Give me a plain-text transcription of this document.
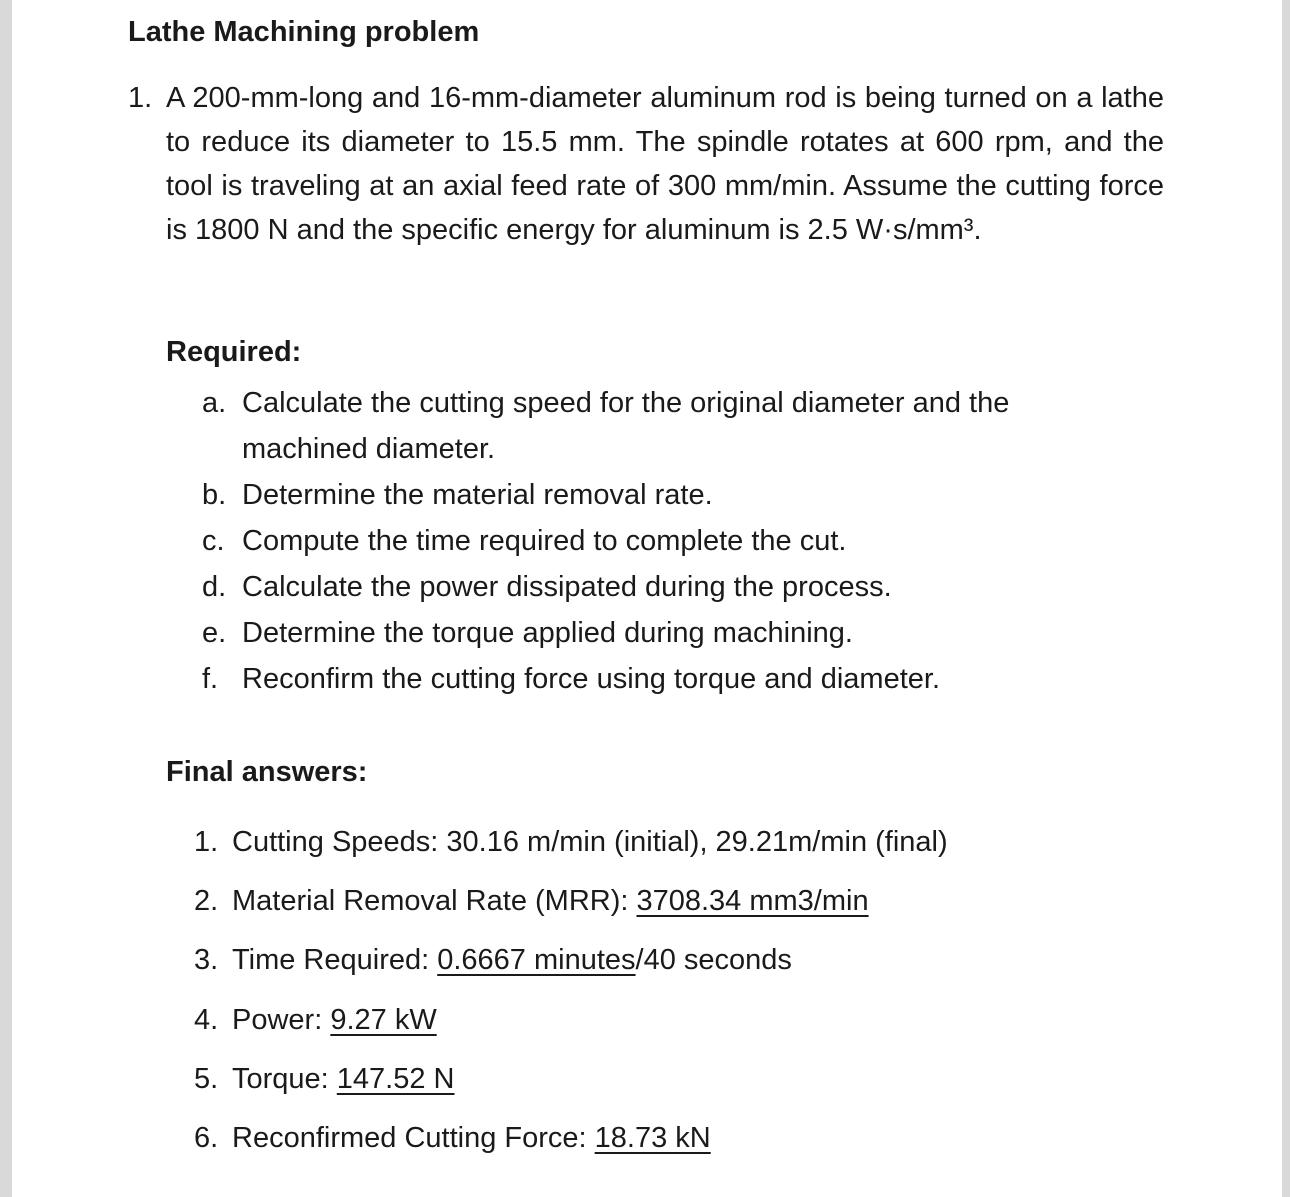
Lathe Machining problem
1. A 200-mm-long and 16-mm-diameter aluminum rod is being turned on a lathe to reduce its diameter to 15.5 mm. The spindle rotates at 600 rpm, and the tool is traveling at an axial feed rate of 300 mm/min. Assume the cutting force is 1800 N and the specific energy for aluminum is 2.5 W·s/mm³.
Required:
a. Calculate the cutting speed for the original diameter and the machined diameter.
b. Determine the material removal rate.
c. Compute the time required to complete the cut.
d. Calculate the power dissipated during the process.
e. Determine the torque applied during machining.
f. Reconfirm the cutting force using torque and diameter.
Final answers:
1. Cutting Speeds: 30.16 m/min (initial), 29.21m/min (final)
2. Material Removal Rate (MRR): 3708.34 mm3/min
3. Time Required: 0.6667 minutes/40 seconds
4. Power: 9.27 kW
5. Torque: 147.52 N
6. Reconfirmed Cutting Force: 18.73 kN
